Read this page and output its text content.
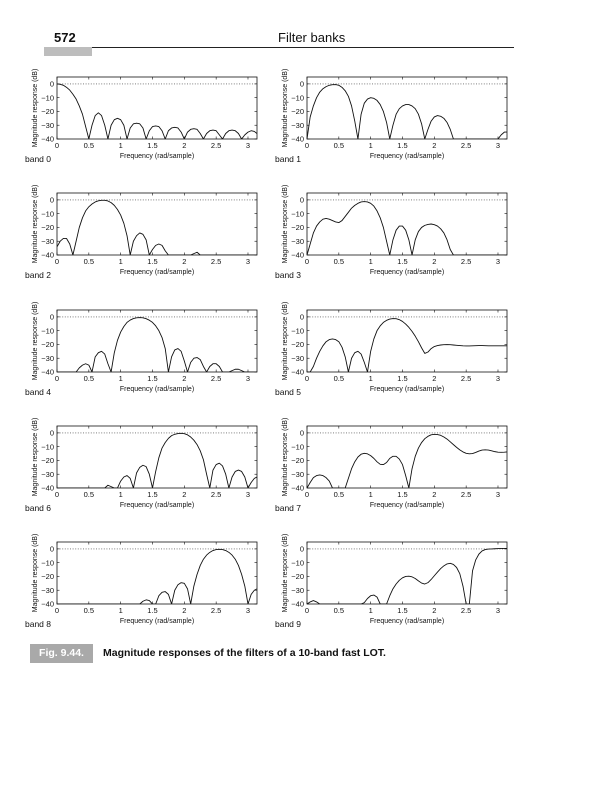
572	Filter banks
0	0.5	1	1.5	2	2.5	3
0
−10
−20
−30
−40
Frequency (rad/sample)
Magnitude response (dB)
band 0
0	0.5	1	1.5	2	2.5	3
0
−10
−20
−30
−40
Frequency (rad/sample)
Magnitude response (dB)
band 1
0	0.5	1	1.5	2	2.5	3
0
−10
−20
−30
−40
Frequency (rad/sample)
Magnitude response (dB)
band 2
0	0.5	1	1.5	2	2.5	3
0
−10
−20
−30
−40
Frequency (rad/sample)
Magnitude response (dB)
band 3
0	0.5	1	1.5	2	2.5	3
0
−10
−20
−30
−40
Frequency (rad/sample)
Magnitude response (dB)
band 4
0	0.5	1	1.5	2	2.5	3
0
−10
−20
−30
−40
Frequency (rad/sample)
Magnitude response (dB)
band 5
0	0.5	1	1.5	2	2.5	3
0
−10
−20
−30
−40
Frequency (rad/sample)
Magnitude response (dB)
band 6
0	0.5	1	1.5	2	2.5	3
0
−10
−20
−30
−40
Frequency (rad/sample)
Magnitude response (dB)
band 7
0	0.5	1	1.5	2	2.5	3
0
−10
−20
−30
−40
Frequency (rad/sample)
Magnitude response (dB)
band 8
0	0.5	1	1.5	2	2.5	3
0
−10
−20
−30
−40
Frequency (rad/sample)
Magnitude response (dB)
band 9
Fig. 9.44.	Magnitude responses of the filters of a 10-band fast LOT.
